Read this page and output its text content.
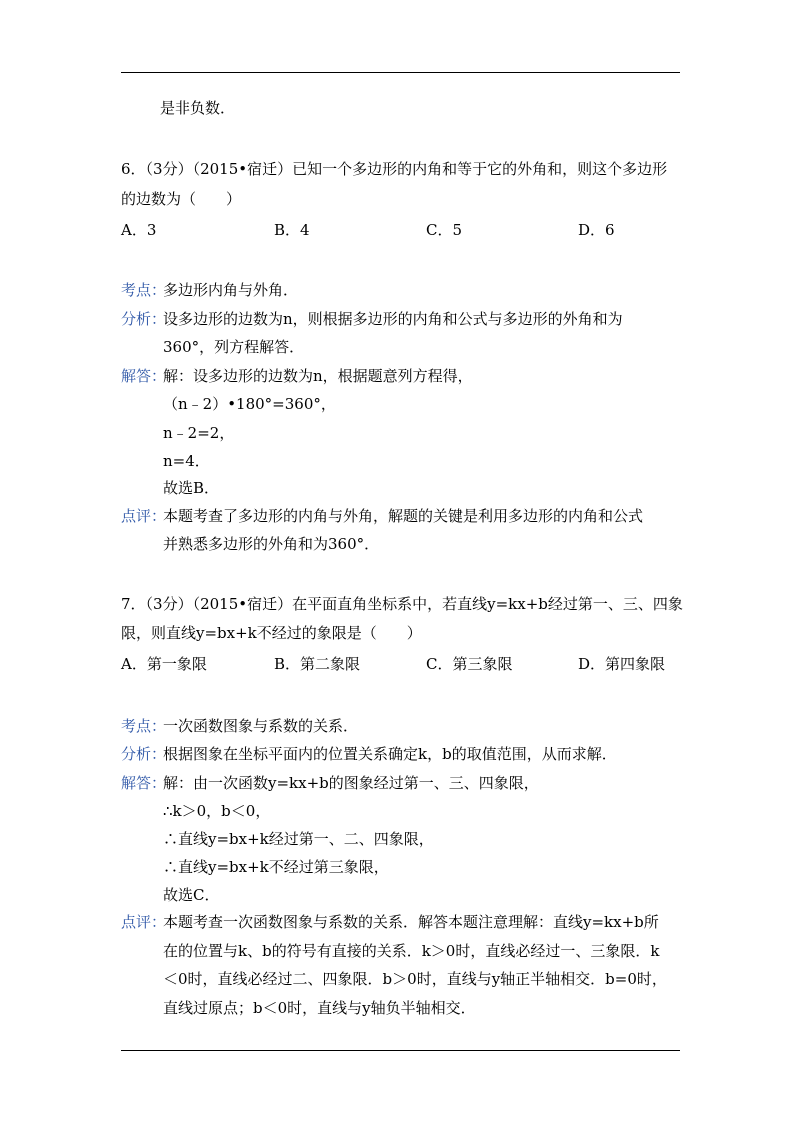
是非负数．
6．（3分）（2015•宿迁）已知一个多边形的内角和等于它的外角和，则这个多边形
的边数为（　　）
A．3	B．4	C．5	D．6
考点：
多边形内角与外角．
分析：
设多边形的边数为n，则根据多边形的内角和公式与多边形的外角和为
360°，列方程解答．
解答：
解：设多边形的边数为n，根据题意列方程得，
（n﹣2）•180°=360°，
n﹣2=2，
n=4．
故选B．
点评：
本题考查了多边形的内角与外角，解题的关键是利用多边形的内角和公式
并熟悉多边形的外角和为360°．
7．（3分）（2015•宿迁）在平面直角坐标系中，若直线y=kx+b经过第一、三、四象
限，则直线y=bx+k不经过的象限是（　　）
A．第一象限	B．第二象限	C．第三象限	D．第四象限
考点：
一次函数图象与系数的关系．
分析：
根据图象在坐标平面内的位置关系确定k，b的取值范围，从而求解．
解答：
解：由一次函数y=kx+b的图象经过第一、三、四象限，
∴k＞0，b＜0，
∴直线y=bx+k经过第一、二、四象限，
∴直线y=bx+k不经过第三象限，
故选C．
点评：
本题考查一次函数图象与系数的关系．解答本题注意理解：直线y=kx+b所
在的位置与k、b的符号有直接的关系．k＞0时，直线必经过一、三象限．k
＜0时，直线必经过二、四象限．b＞0时，直线与y轴正半轴相交．b=0时，
直线过原点；b＜0时，直线与y轴负半轴相交．
